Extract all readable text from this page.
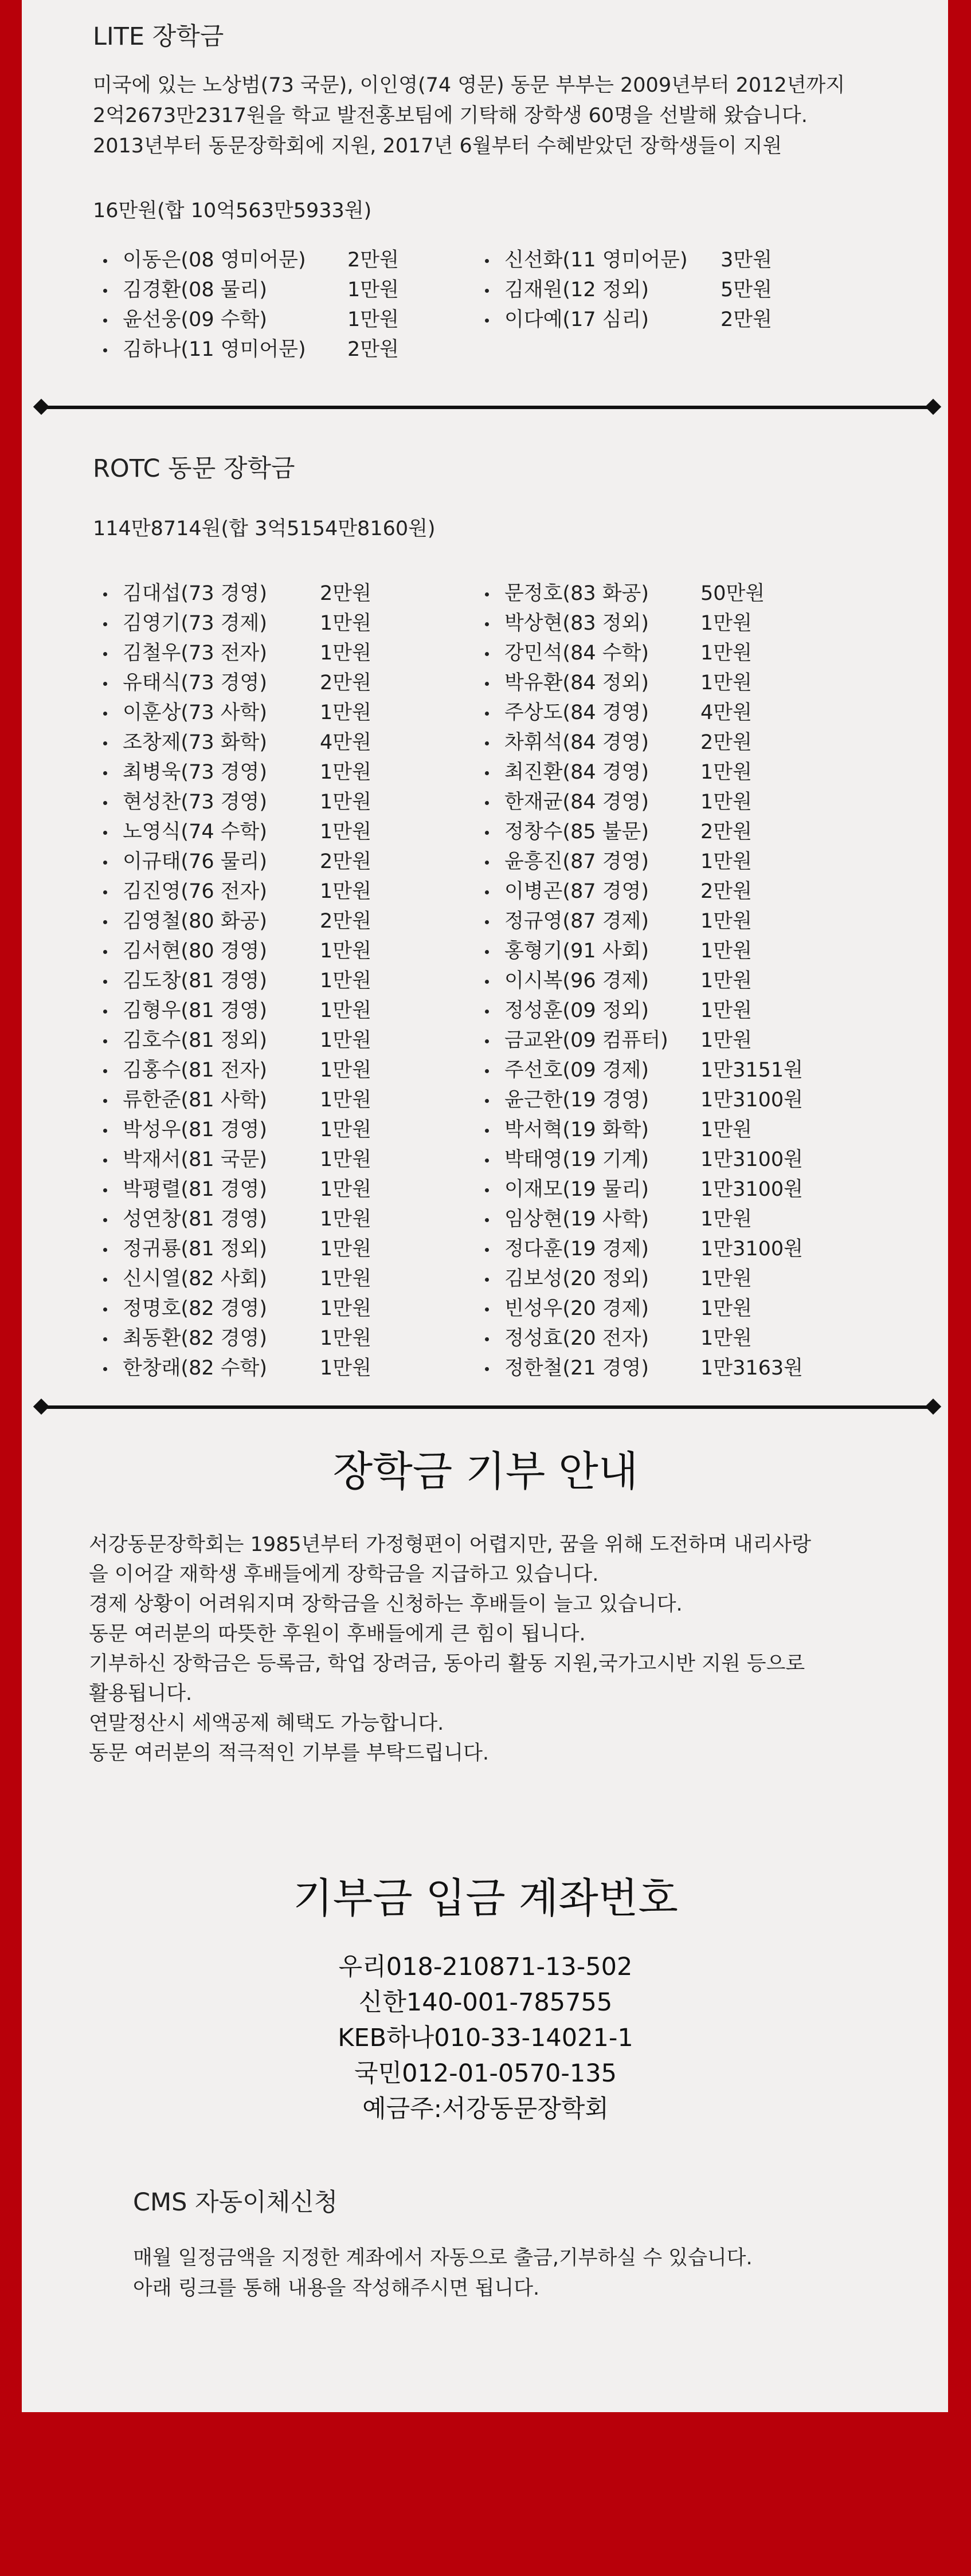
LITE 장학금
미국에 있는 노상범(73 국문), 이인영(74 영문) 동문 부부는 2009년부터 2012년까지
2억2673만2317원을 학교 발전홍보팀에 기탁해 장학생 60명을 선발해 왔습니다.
2013년부터 동문장학회에 지원, 2017년 6월부터 수혜받았던 장학생들이 지원
16만원(합 10억563만5933원)
이동은(08 영미어문) 2만원
김경환(08 물리)	1만원
윤선웅(09 수학)	1만원
김하나(11 영미어문) 2만원
신선화(11 영미어문) 3만원
김재원(12 정외)	5만원
이다예(17 심리)	2만원
ROTC 동문 장학금
114만8714원(합 3억5154만8160원)
김대섭(73 경영)	2만원
김영기(73 경제)	1만원
김철우(73 전자)	1만원
유태식(73 경영)	2만원
이훈상(73 사학)	1만원
조창제(73 화학)	4만원
최병욱(73 경영)	1만원
현성찬(73 경영)	1만원
노영식(74 수학)	1만원
이규태(76 물리)	2만원
김진영(76 전자)	1만원
김영철(80 화공)	2만원
김서현(80 경영)	1만원
김도창(81 경영)	1만원
김형우(81 경영)	1만원
김호수(81 정외)	1만원
김홍수(81 전자)	1만원
류한준(81 사학)	1만원
박성우(81 경영)	1만원
박재서(81 국문)	1만원
박평렬(81 경영)	1만원
성연창(81 경영)	1만원
정귀룡(81 정외)	1만원
신시열(82 사회)	1만원
정명호(82 경영)	1만원
최동환(82 경영)	1만원
한창래(82 수학)	1만원
문정호(83 화공)	50만원
박상현(83 정외)	1만원
강민석(84 수학)	1만원
박유환(84 정외)	1만원
주상도(84 경영)	4만원
차휘석(84 경영)	2만원
최진환(84 경영)	1만원
한재균(84 경영)	1만원
정창수(85 불문)	2만원
윤흥진(87 경영)	1만원
이병곤(87 경영)	2만원
정규영(87 경제)	1만원
홍형기(91 사회)	1만원
이시복(96 경제)	1만원
정성훈(09 정외)	1만원
금교완(09 컴퓨터) 1만원
주선호(09 경제)	1만3151원
윤근한(19 경영)	1만3100원
박서혁(19 화학)	1만원
박태영(19 기계)	1만3100원
이재모(19 물리)	1만3100원
임상현(19 사학)	1만원
정다훈(19 경제)	1만3100원
김보성(20 정외)	1만원
빈성우(20 경제)	1만원
정성효(20 전자)	1만원
정한철(21 경영)	1만3163원
장학금 기부 안내
서강동문장학회는 1985년부터 가정형편이 어렵지만, 꿈을 위해 도전하며 내리사랑
을 이어갈 재학생 후배들에게 장학금을 지급하고 있습니다.
경제 상황이 어려워지며 장학금을 신청하는 후배들이 늘고 있습니다.
동문 여러분의 따뜻한 후원이 후배들에게 큰 힘이 됩니다.
기부하신 장학금은 등록금, 학업 장려금, 동아리 활동 지원,국가고시반 지원 등으로
활용됩니다.
연말정산시 세액공제 혜택도 가능합니다.
동문 여러분의 적극적인 기부를 부탁드립니다.
기부금 입금 계좌번호
우리018-210871-13-502
신한140-001-785755
KEB하나010-33-14021-1
국민012-01-0570-135
예금주:서강동문장학회
CMS 자동이체신청
매월 일정금액을 지정한 계좌에서 자동으로 출금,기부하실 수 있습니다.
아래 링크를 통해 내용을 작성해주시면 됩니다.
